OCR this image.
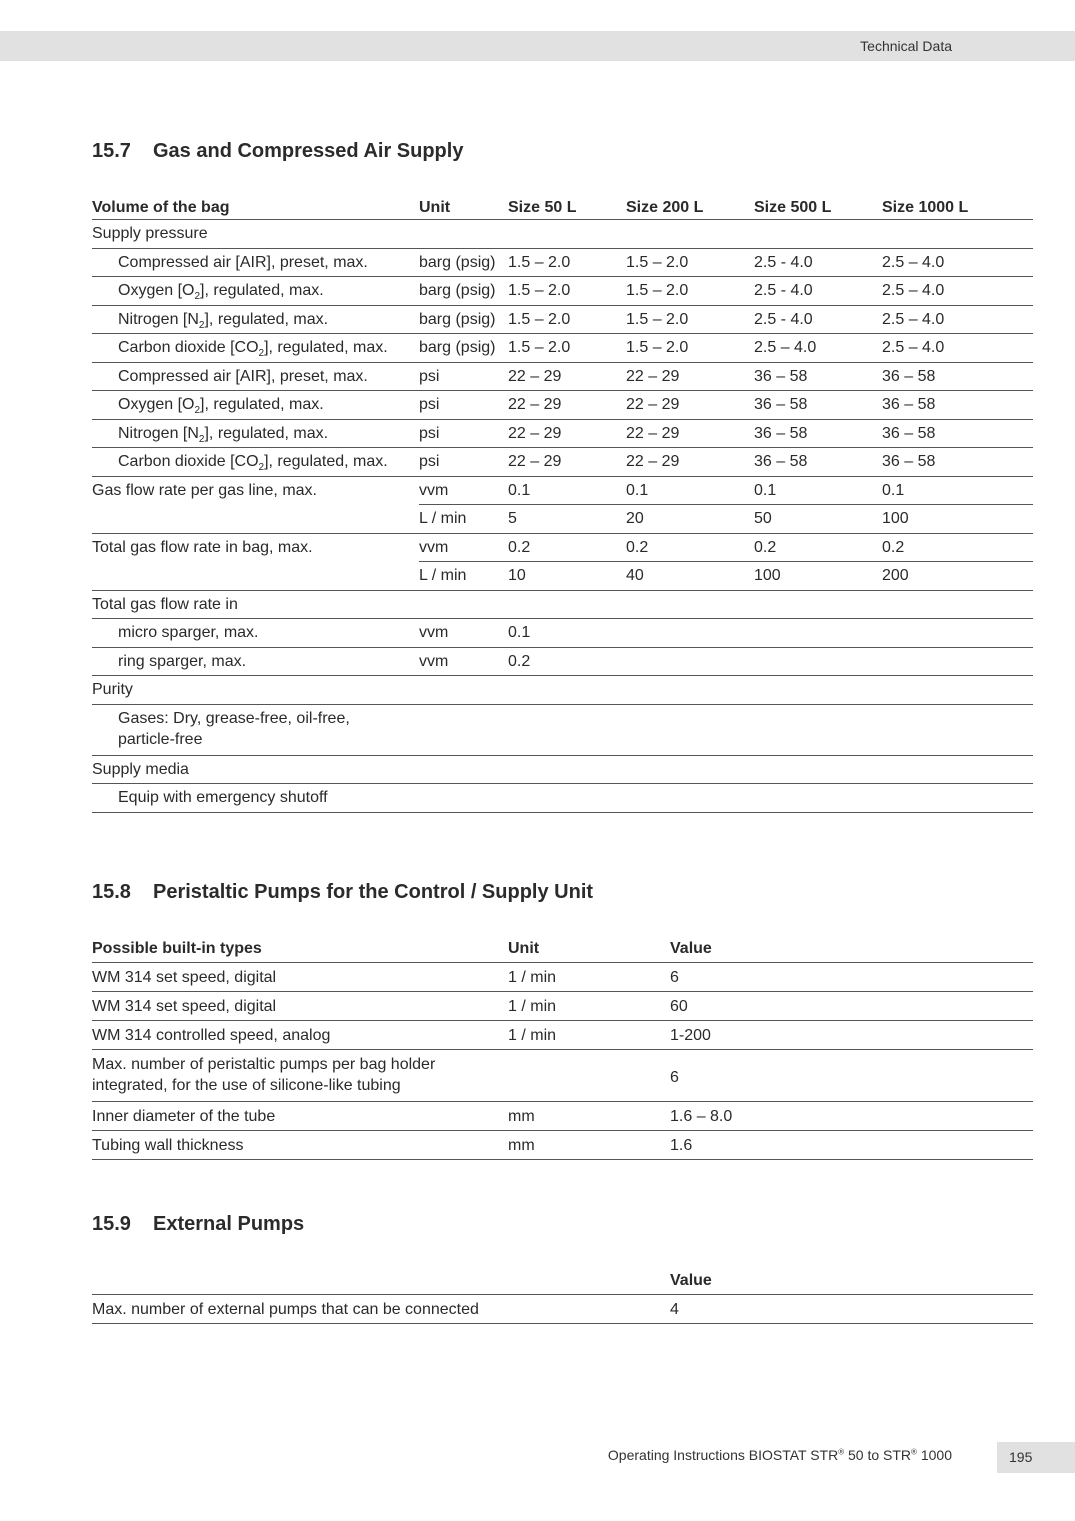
Technical Data
15.7 Gas and Compressed Air Supply
Volume of the bag	Unit	Size 50 L	Size 200 L	Size 500 L	Size 1000 L
Supply pressure					
Compressed air [AIR], preset, max.	barg (psig)	1.5 – 2.0	1.5 – 2.0	2.5 - 4.0	2.5 – 4.0
Oxygen $[O_2]$, regulated, max.	barg (psig)	1.5 – 2.0	1.5 – 2.0	2.5 - 4.0	2.5 – 4.0
Nitrogen $[N_2]$, regulated, max.	barg (psig)	1.5 – 2.0	1.5 – 2.0	2.5 - 4.0	2.5 – 4.0
Carbon dioxide $[CO_2]$, regulated, max.	barg (psig)	1.5 – 2.0	1.5 – 2.0	2.5 – 4.0	2.5 – 4.0
Compressed air [AIR], preset, max.	psi	22 – 29	22 – 29	36 – 58	36 – 58
Oxygen $[O_2]$, regulated, max.	psi	22 – 29	22 – 29	36 – 58	36 – 58
Nitrogen $[N_2]$, regulated, max.	psi	22 – 29	22 – 29	36 – 58	36 – 58
Carbon dioxide $[CO_2]$, regulated, max.	psi	22 – 29	22 – 29	36 – 58	36 – 58
Gas flow rate per gas line, max.	vvm	0.1	0.1	0.1	0.1
	L / min	5	20	50	100
Total gas flow rate in bag, max.	vvm	0.2	0.2	0.2	0.2
	L / min	10	40	100	200
Total gas flow rate in					
micro sparger, max.	vvm	0.1			
ring sparger, max.	vvm	0.2			
Purity					
Gases: Dry, grease-free, oil-free,
particle-free					
Supply media					
Equip with emergency shutoff					
15.8 Peristaltic Pumps for the Control / Supply Unit
Possible built-in types	Unit	Value
WM 314 set speed, digital	1 / min	6
WM 314 set speed, digital	1 / min	60
WM 314 controlled speed, analog	1 / min	1-200
Max. number of peristaltic pumps per bag holder
integrated, for the use of silicone-like tubing		6
Inner diameter of the tube	mm	1.6 – 8.0
Tubing wall thickness	mm	1.6
15.9 External Pumps
	Value
Max. number of external pumps that can be connected	4
Operating Instructions BIOSTAT STR® 50 to STR® 1000	195
